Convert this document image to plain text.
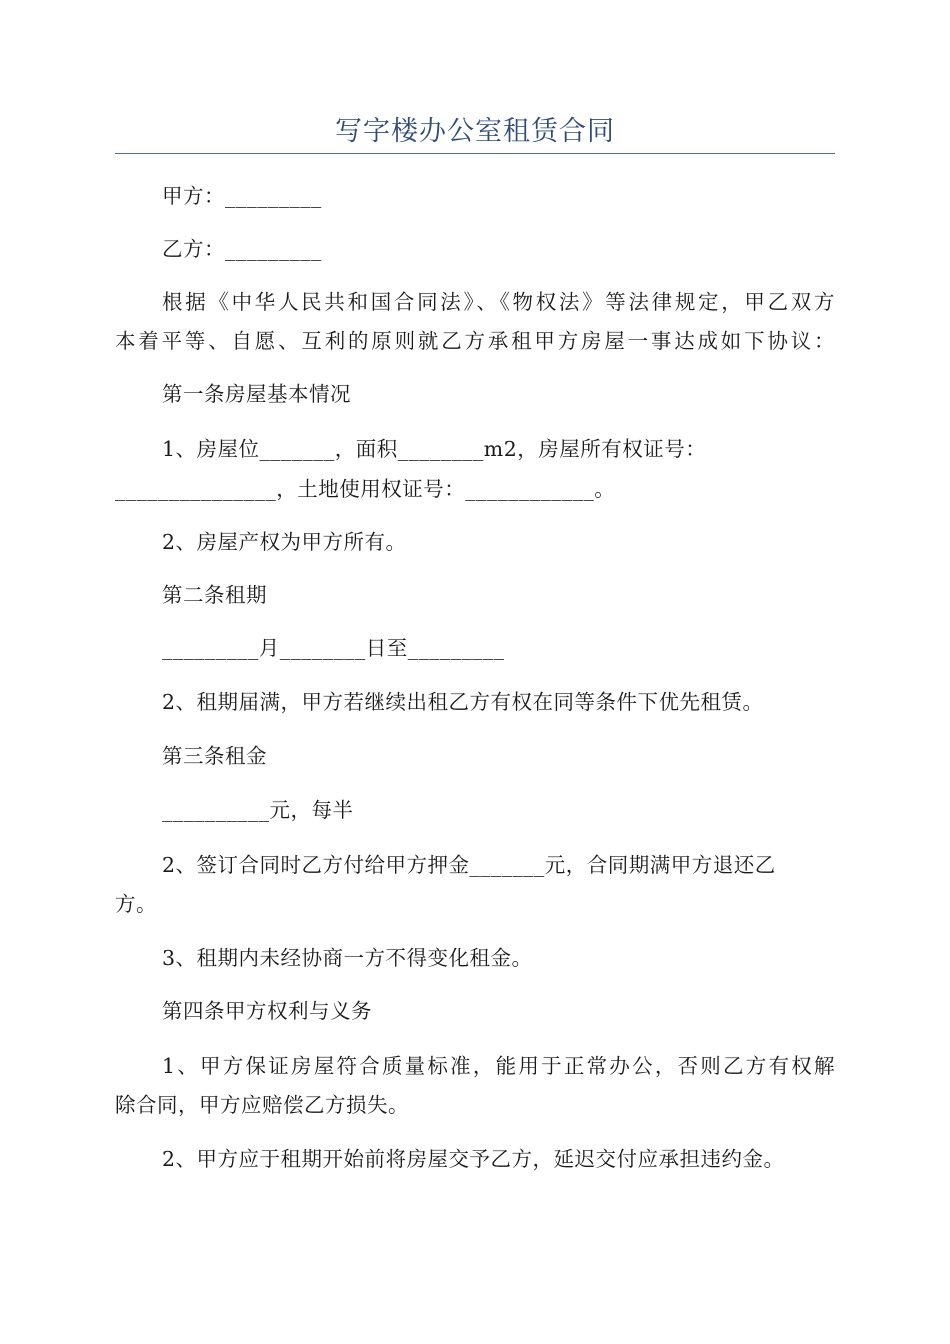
写字楼办公室租赁合同
甲方：_________
乙方：_________
根据《中华人民共和国合同法》、《物权法》等法律规定，甲乙双方
本着平等、自愿、互利的原则就乙方承租甲方房屋一事达成如下协议：
第一条房屋基本情况
1、房屋位_______，面积________m2，房屋所有权证号：
_______________，土地使用权证号：____________。
2、房屋产权为甲方所有。
第二条租期
_________月________日至_________
2、租期届满，甲方若继续出租乙方有权在同等条件下优先租赁。
第三条租金
__________元，每半
2、签订合同时乙方付给甲方押金_______元，合同期满甲方退还乙
方。
3、租期内未经协商一方不得变化租金。
第四条甲方权利与义务
1、甲方保证房屋符合质量标准，能用于正常办公，否则乙方有权解
除合同，甲方应赔偿乙方损失。
2、甲方应于租期开始前将房屋交予乙方，延迟交付应承担违约金。
